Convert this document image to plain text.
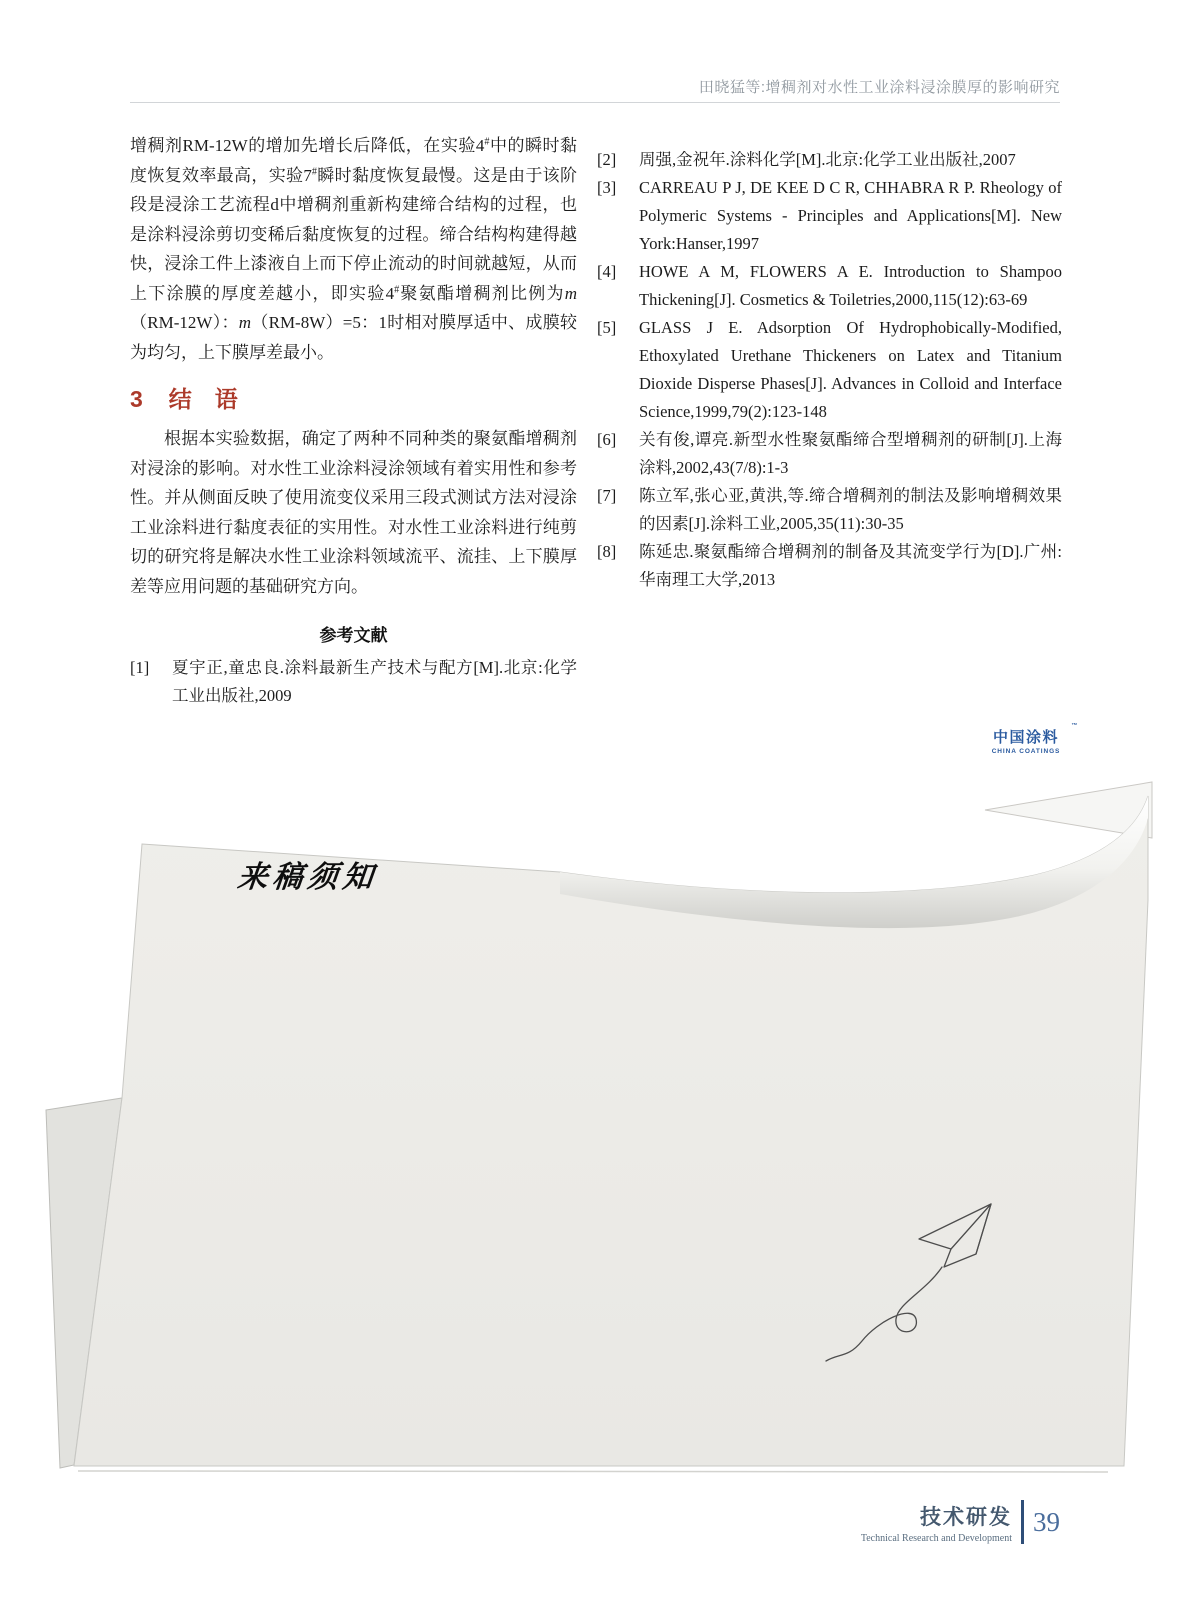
田晓猛等:增稠剂对水性工业涂料浸涂膜厚的影响研究

增稠剂RM-12W的增加先增长后降低，在实验4#中的瞬时黏度恢复效率最高，实验7#瞬时黏度恢复最慢。这是由于该阶段是浸涂工艺流程d中增稠剂重新构建缔合结构的过程，也是涂料浸涂剪切变稀后黏度恢复的过程。缔合结构构建得越快，浸涂工件上漆液自上而下停止流动的时间就越短，从而上下涂膜的厚度差越小，即实验4#聚氨酯增稠剂比例为m（RM-12W）：m（RM-8W）=5：1时相对膜厚适中、成膜较为均匀，上下膜厚差最小。

3 结　语

根据本实验数据，确定了两种不同种类的聚氨酯增稠剂对浸涂的影响。对水性工业涂料浸涂领域有着实用性和参考性。并从侧面反映了使用流变仪采用三段式测试方法对浸涂工业涂料进行黏度表征的实用性。对水性工业涂料进行纯剪切的研究将是解决水性工业涂料领域流平、流挂、上下膜厚差等应用问题的基础研究方向。

参考文献
[1]	夏宇正,童忠良.涂料最新生产技术与配方[M].北京:化学工业出版社,2009
[2]	周强,金祝年.涂料化学[M].北京:化学工业出版社,2007
[3]	CARREAU P J, DE KEE D C R, CHHABRA R P. Rheology of Polymeric Systems - Principles and Applications[M]. New York:Hanser,1997
[4]	HOWE A M, FLOWERS A E. Introduction to Shampoo Thickening[J]. Cosmetics & Toiletries,2000,115(12):63-69
[5]	GLASS J E. Adsorption Of Hydrophobically-Modified, Ethoxylated Urethane Thickeners on Latex and Titanium Dioxide Disperse Phases[J]. Advances in Colloid and Interface Science,1999,79(2):123-148
[6]	关有俊,谭亮.新型水性聚氨酯缔合型增稠剂的研制[J].上海涂料,2002,43(7/8):1-3
[7]	陈立军,张心亚,黄洪,等.缔合增稠剂的制法及影响增稠效果的因素[J].涂料工业,2005,35(11):30-35
[8]	陈延忠.聚氨酯缔合增稠剂的制备及其流变学行为[D].广州:华南理工大学,2013
中国涂料
™
CHINA COATINGS
来稿须知
技术研发
Technical Research and Development
39
